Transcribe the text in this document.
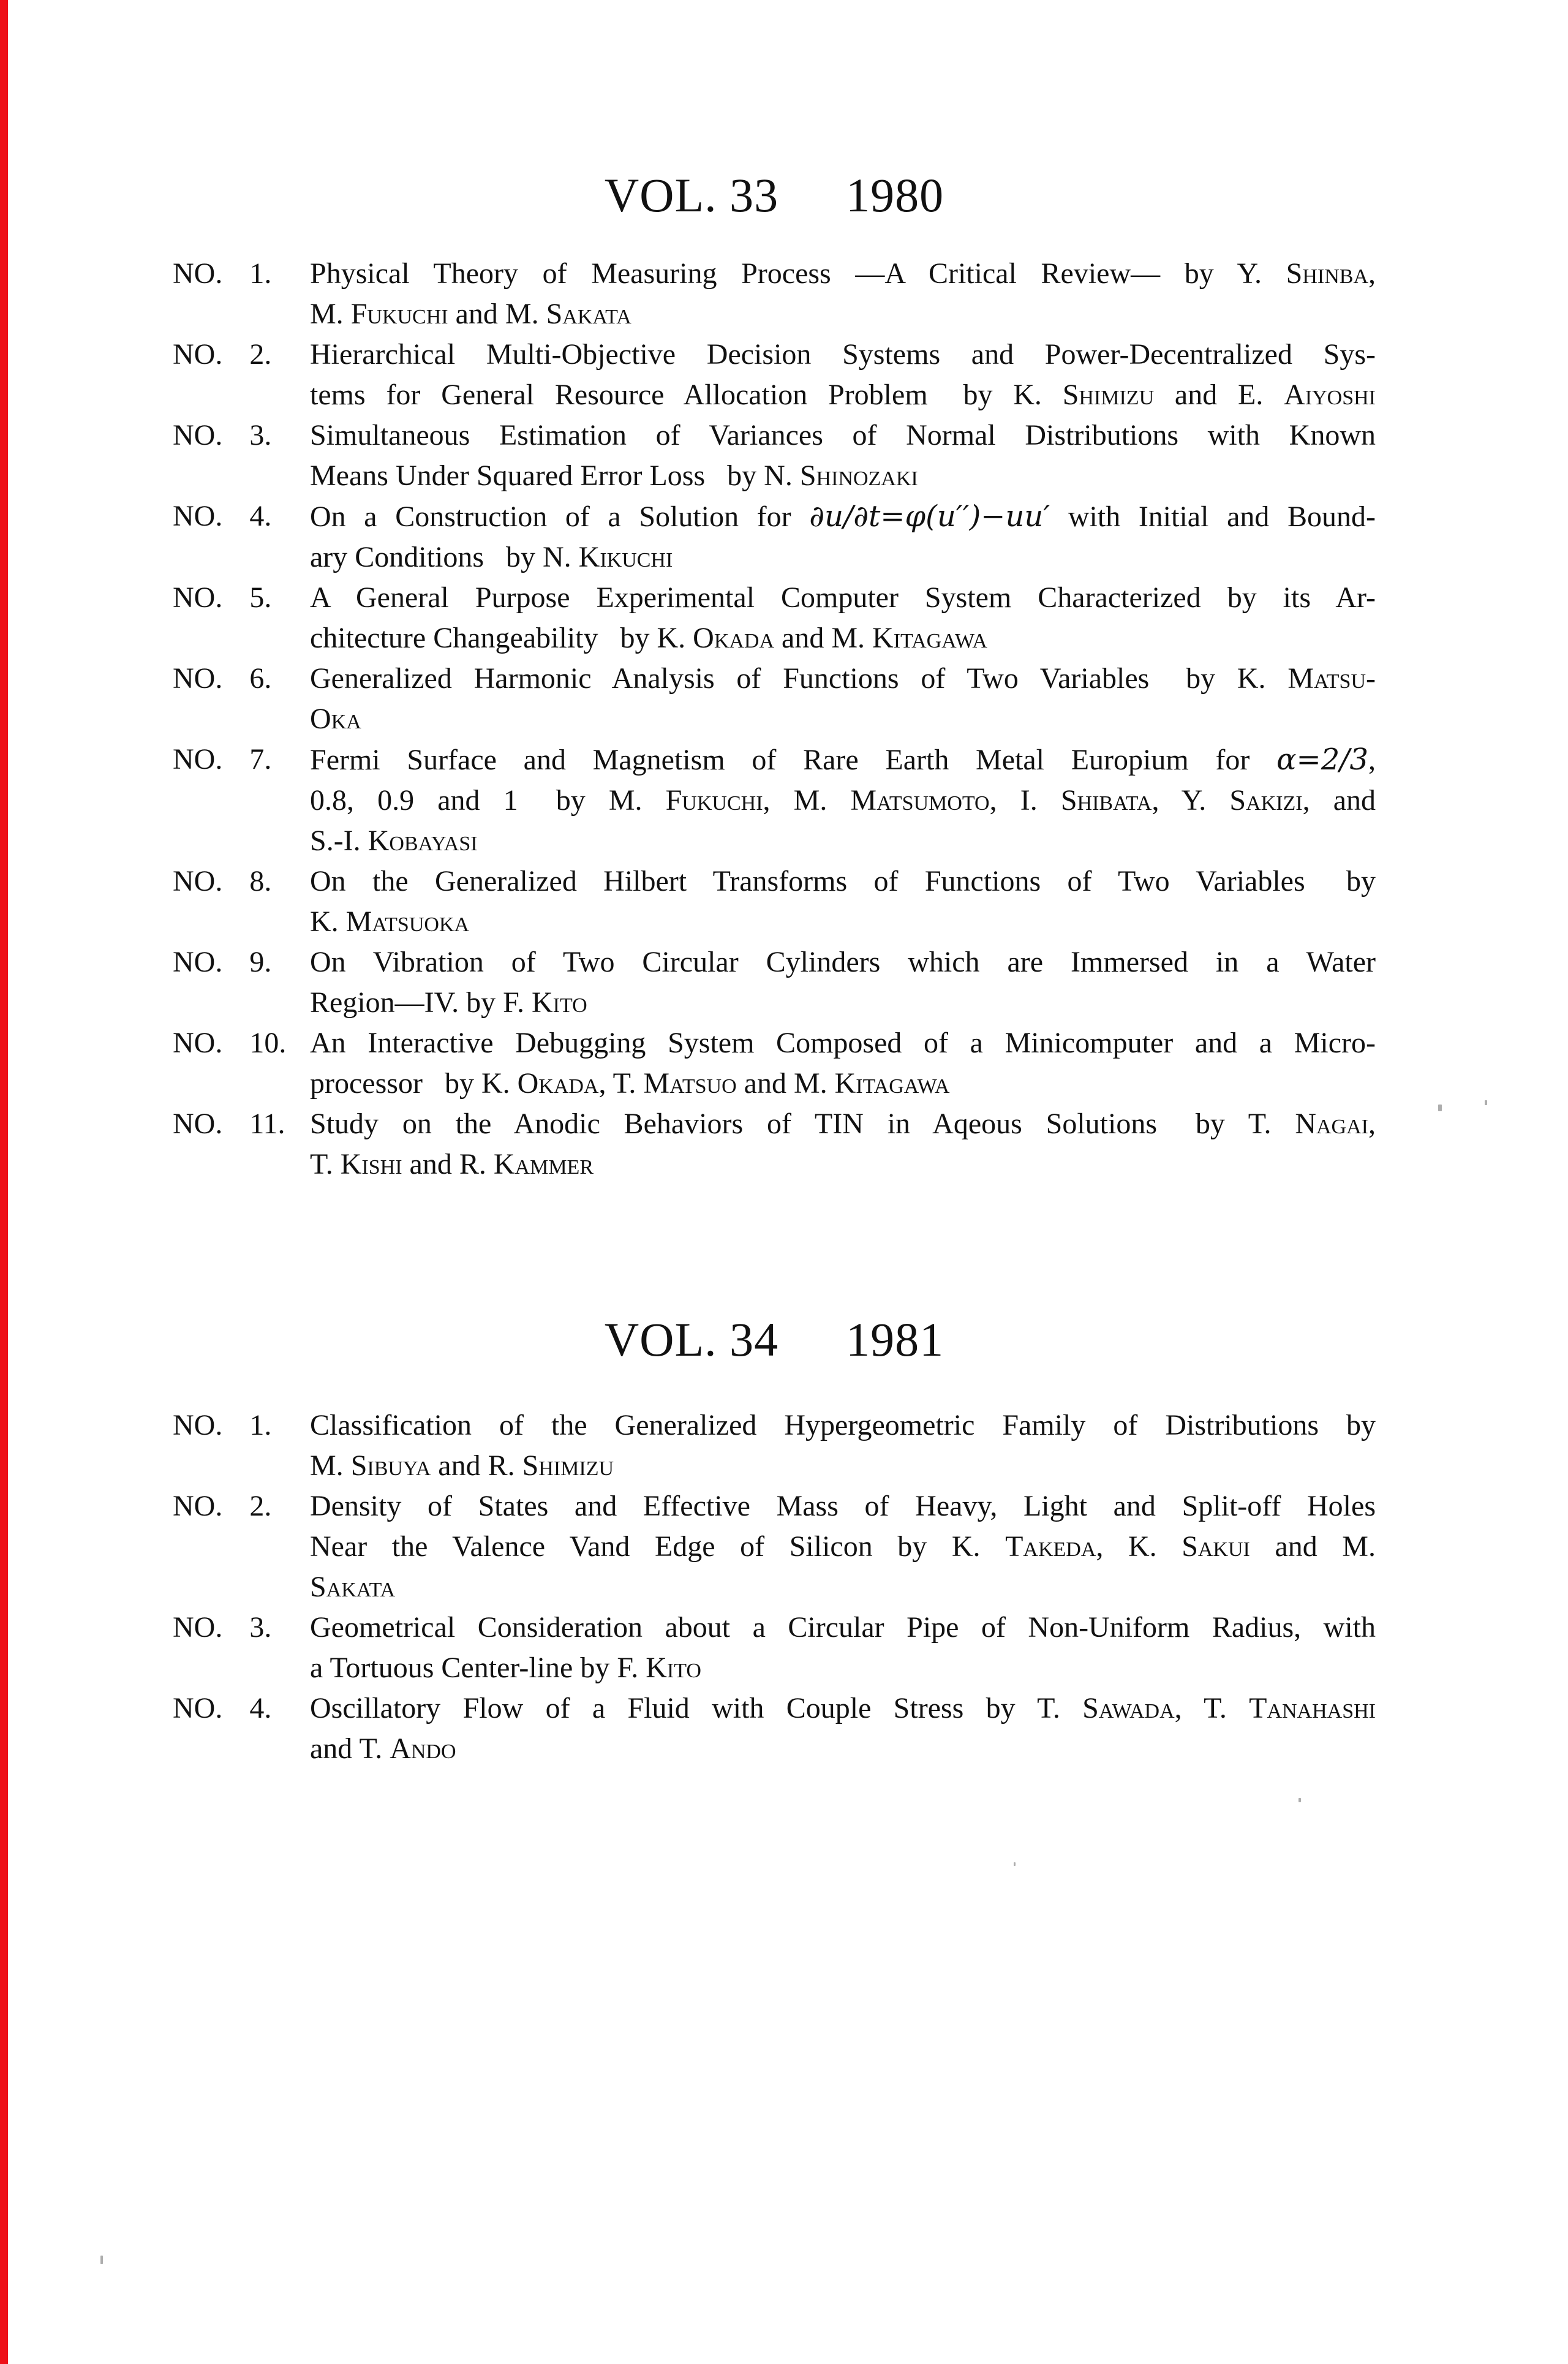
VOL. 33 1980
NO. 1. Physical Theory of Measuring Process —A Critical Review— by Y. Shinba,
M. Fukuchi and M. Sakata
NO. 2. Hierarchical Multi-Objective Decision Systems and Power-Decentralized Sys-
tems for General Resource Allocation Problem  by K. Shimizu and E. Aiyoshi
NO. 3. Simultaneous Estimation of Variances of Normal Distributions with Known
Means Under Squared Error Loss  by N. Shinozaki
NO. 4. On a Construction of a Solution for ∂u/∂t=φ(u′′)−uu′ with Initial and Bound-
ary Conditions  by N. Kikuchi
NO. 5. A General Purpose Experimental Computer System Characterized by its Ar-
chitecture Changeability  by K. Okada and M. Kitagawa
NO. 6. Generalized Harmonic Analysis of Functions of Two Variables  by K. Matsu-
Oka
NO. 7. Fermi Surface and Magnetism of Rare Earth Metal Europium for α=2/3,
0.8, 0.9 and 1  by M. Fukuchi, M. Matsumoto, I. Shibata, Y. Sakizi, and
S.-I. Kobayasi
NO. 8. On the Generalized Hilbert Transforms of Functions of Two Variables  by
K. Matsuoka
NO. 9. On Vibration of Two Circular Cylinders which are Immersed in a Water
Region—IV. by F. Kito
NO. 10. An Interactive Debugging System Composed of a Minicomputer and a Micro-
processor  by K. Okada, T. Matsuo and M. Kitagawa
NO. 11. Study on the Anodic Behaviors of TIN in Aqeous Solutions  by T. Nagai,
T. Kishi and R. Kammer
VOL. 34 1981
NO. 1. Classification of the Generalized Hypergeometric Family of Distributions by
M. Sibuya and R. Shimizu
NO. 2. Density of States and Effective Mass of Heavy, Light and Split-off Holes
Near the Valence Vand Edge of Silicon by K. Takeda, K. Sakui and M.
Sakata
NO. 3. Geometrical Consideration about a Circular Pipe of Non-Uniform Radius, with
a Tortuous Center-line by F. Kito
NO. 4. Oscillatory Flow of a Fluid with Couple Stress by T. Sawada, T. Tanahashi
and T. Ando
